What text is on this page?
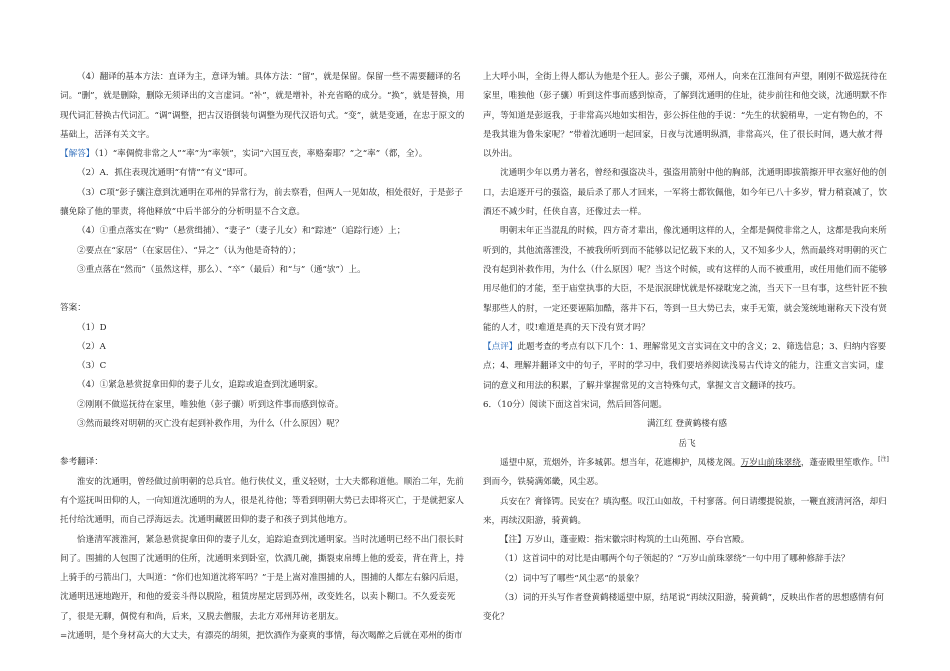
（4）翻译的基本方法：直译为主，意译为辅。具体方法：“留”，就是保留。保留一些不需要翻译的名词。“删”，就是删除，删除无须译出的文言虚词。“补”，就是增补，补充省略的成分。“换”，就是替换，用现代词汇替换古代词汇。“调”调整，把古汉语倒装句调整为现代汉语句式。“变”，就是变通，在忠于原文的基础上，活泽有关文字。
【解答】（1）“率倜傥非常之人”“率”为“率领”，实词“六国互丧，率赂秦耶？”之“率”（都，全）。
（2）A．抓住表现沈通明“有情”“有义”即可。
（3）C项“彭子骧注意到沈通明在邓州的异常行为，前去察看，但两人一见如故，相处很好，于是彭子骧免除了他的罪责，将他释放”中后半部分的分析明显不合文意。
（4）①重点落实在“购”（悬赏缉捕）、“妻子”（妻子儿女）和“踪迹”（追踪行迹）上；
②要点在“家居”（在家居住）、“异之”（认为他是奇特的）；
③重点落在“然而”（虽然这样，那么）、“卒”（最后）和“与”（通“欤”）上。
答案：
（1）D
（2）A
（3）C
（4）①紧急悬赏捉拿田仰的妻子儿女，追踪或追查到沈通明家。
②刚刚不做巡抚待在家里，唯独他（彭子骧）听到这件事而感到惊奇。
③然而最终对明朝的灭亡没有起到补救作用，为什么（什么原因）呢？
参考翻译：
淮安的沈通明，曾经做过前明朝的总兵官。他行侠仗义，重义轻财，士大夫都称道他。顺治二年，先前有个巡抚叫田仰的人，一向知道沈通明的为人，很是礼待他；等看到明朝大势已去即将灭亡，于是就把家人托付给沈通明，而自己浮海远去。沈通明藏匿田仰的妻子和孩子到其他地方。
恰逢清军渡淮河，紧急悬赏捉拿田仰的妻子儿女，追踪追查到沈通明家。当时沈通明已经不出门很长时间了。围捕的人包围了沈通明的住所，沈通明来到卧室，饮酒几碗，撕裂束帛缚上他的爱妾，背在背上，持上骑手的弓箭出门，大叫道：“你们也知道沈将军吗？”于是上嵩对准围捕的人，围捕的人都左右躲闪后退，沈通明迅速地跑开，和他的爱妾斗得以脱险，租赁房屋定居到苏州，改变姓名，以卖卜糊口。不久爱妾死了，很是无聊，倜傥有和尚，后来，又脱去僧服，去北方邓州拜访老朋友。
=沈通明，是个身材高大的大丈夫，有漂亮的胡须，把饮酒作为豪爽的事情，每次喝醉之后就在邓州的街市
上大呼小叫，全街上得人都认为他是个狂人。彭公子骧，邓州人，向来在江淮间有声望，刚刚不做巡抚待在家里，唯独他（彭子骧）听到这件事而感到惊奇，了解到沈通明的住址，徒步前往和他交谈，沈通明默不作声，等知道是彭返我，于非常高兴地如实相告，彭公拆住他的手说：“先生的状貌稍卑，一定有物色的，不是我其谁为鲁朱家呢？”带着沈通明一起回家，日夜与沈通明纵酒，非常高兴，住了很长时间，遇大赦才得以外出。
沈通明少年以勇力著名，曾经和强盗决斗，强盗用箭射中他的胸部，沈通明即拔箭擦开甲衣塞好他的创口，去追逐开弓的强盗，最后杀了那人才回来，一军将士都钦佩他，如今年已八十多岁，臂力稍衰减了，饮酒还不减少时，任侠自喜，还像过去一样。
明朝末年正当混乱的时候，四方奇才辈出，像沈通明这样的人，全都是倜傥非常之人，这都是我向来所听到的，其他流落湮没，不被我所听到而不能够以记忆载下来的人，又不知多少人，然而最终对明朝的灭亡没有起到补救作用，为什么（什么原因）呢？当这个时候，或有这样的人而不被重用，或任用他们而不能够用尽他们的才能，至于庙堂执事的大臣，不是泯泯肆忧就是怀禄耽宠之流，当天下一旦有事，这些针匠不独掣那些人的肘，一定还要诬陷加酷，落井下石，等到一旦大势已去，束手无策，就会笼统地谢称天下没有贤能的人才，哎!难道是真的天下没有贤才吗？
【点评】此题考查的考点有以下几个：1、理解常见文言实词在文中的含义；2、筛选信息；3、归纳内容要点；4、理解并翻译文中的句子，平时的学习中，我们要培养阅读浅易古代诗文的能力，注重文言实词，虚词的意义和用法的积累，了解并掌握常见的文言特殊句式，掌握文言文翻译的技巧。
6．（10分）阅读下面这首宋词，然后回答问题。
满江红 登黄鹤楼有感
岳飞
遥望中原，荒烟外，许多城郭。想当年，花遮柳护，凤楼龙阁。万岁山前珠翠绕，蓬壶殿里笙歌作。[注]到而今，铁骑满郊畿，风尘恶。
兵安在？膏锋锷。民安在？填沟壑。叹江山如故，千村寥落。何日请缨提锐旅，一鞭直渡清河洛，却归来，再续汉阳游，骑黄鹤。
【注】万岁山，蓬壶殿：指宋徽宗时构筑的土山苑囿、亭台宫殿。
（1）这首词中的对比是由哪两个句子领起的？“万岁山前珠翠绕”一句中用了哪种修辞手法？
（2）词中写了哪些“风尘恶”的景象？
（3）词的开头写作者登黄鹤楼遥望中原，结尾说“再续汉阳游，骑黄鹤”，反映出作者的思想感情有何变化？
